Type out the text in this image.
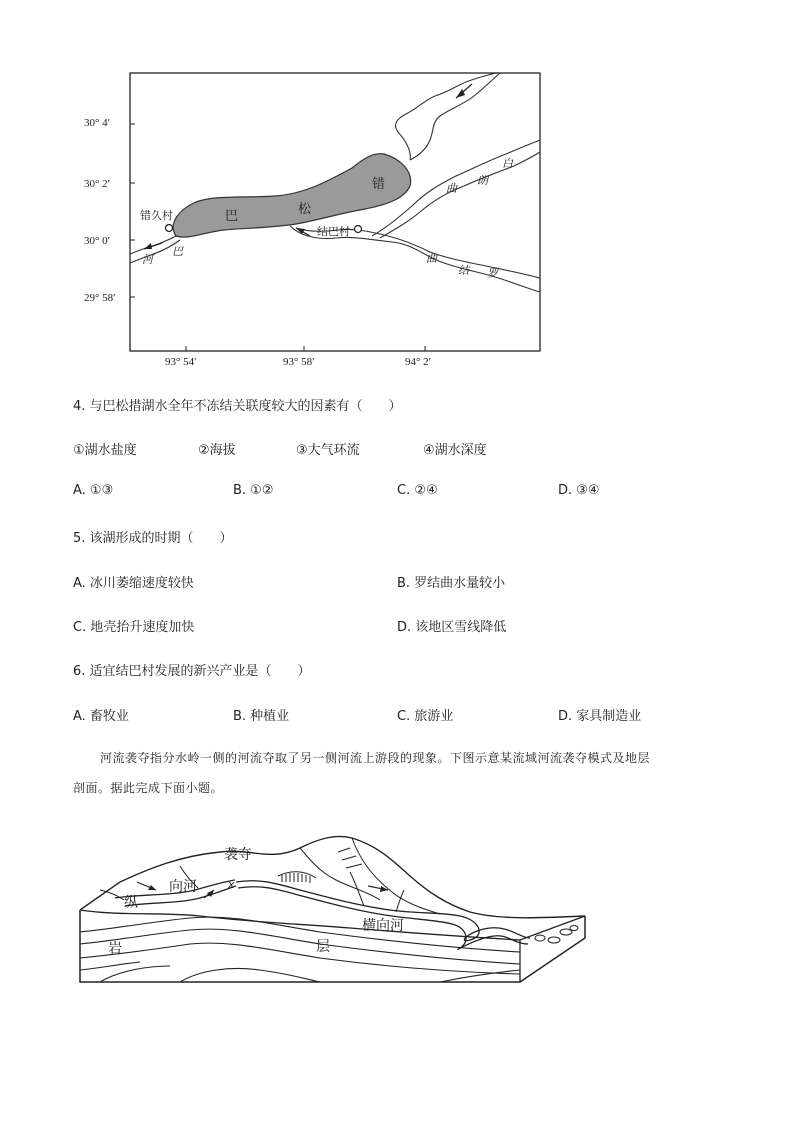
30° 4′
30° 2′
30° 0′
29° 58′
93° 54′	93° 58′	94° 2′
错久村
结巴村
巴	松
错	曲
朗
白
曲
结 罗
河
巴
4. 与巴松措湖水全年不冻结关联度较大的因素有（　　）
①湖水盐度	②海拔	③大气环流	④湖水深度
A. ①③	B. ①②	C. ②④	D. ③④
5. 该湖形成的时期（　　）
A. 冰川萎缩速度较快	B. 罗结曲水量较小
C. 地壳抬升速度加快	D. 该地区雪线降低
6. 适宜结巴村发展的新兴产业是（　　）
A. 畜牧业	B. 种植业	C. 旅游业	D. 家具制造业
河流袭夺指分水岭一侧的河流夺取了另一侧河流上游段的现象。下图示意某流域河流袭夺模式及地层
剖面。据此完成下面小题。
袭夺
向河	x
纵
横向河
岩	层
